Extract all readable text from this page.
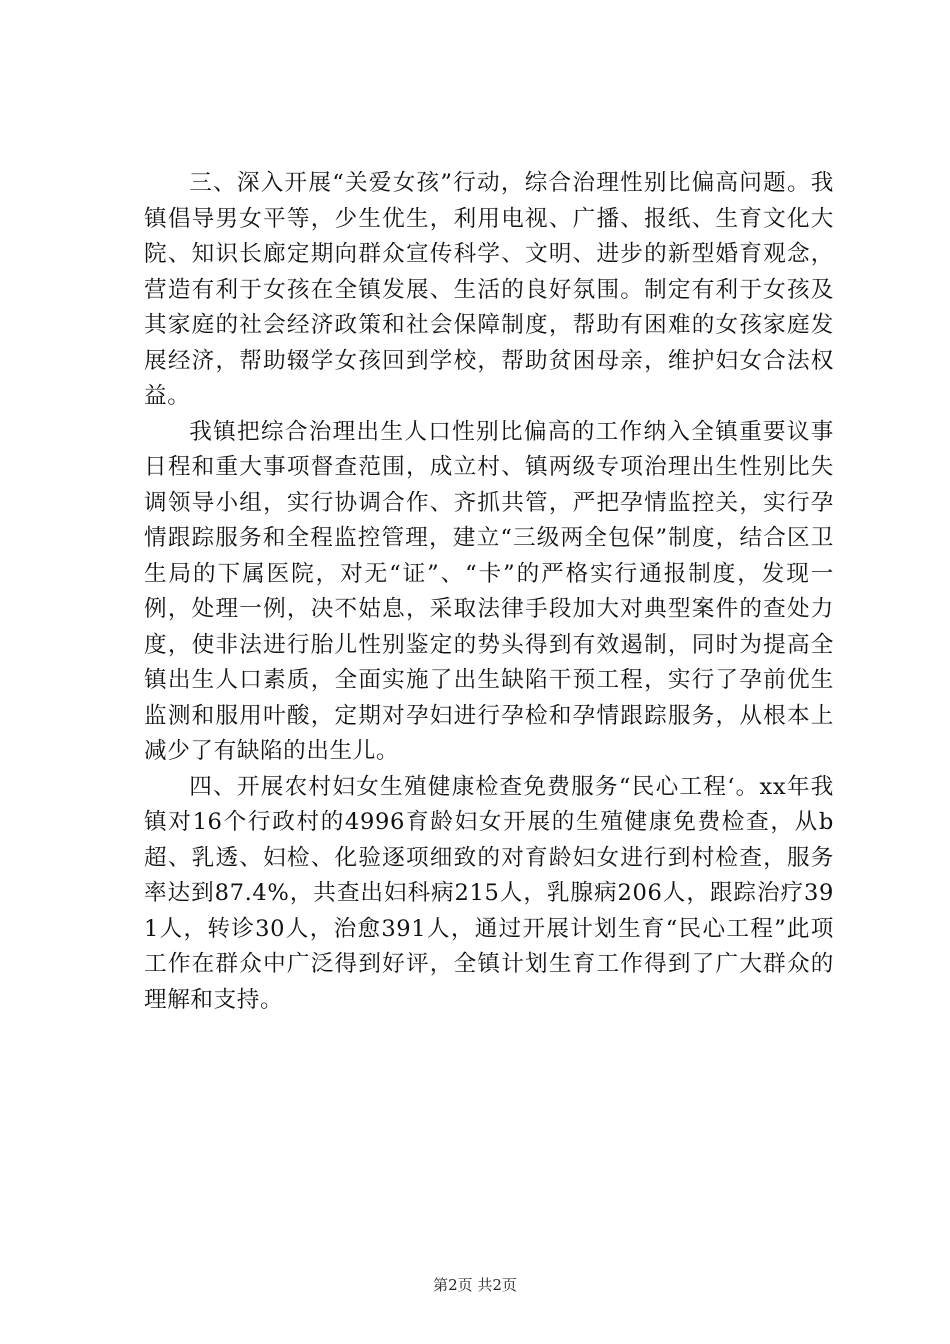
三、深入开展“关爱女孩”行动，综合治理性别比偏高问题。我镇倡导男女平等，少生优生，利用电视、广播、报纸、生育文化大院、知识长廊定期向群众宣传科学、文明、进步的新型婚育观念，营造有利于女孩在全镇发展、生活的良好氛围。制定有利于女孩及其家庭的社会经济政策和社会保障制度，帮助有困难的女孩家庭发展经济，帮助辍学女孩回到学校，帮助贫困母亲，维护妇女合法权益。

我镇把综合治理出生人口性别比偏高的工作纳入全镇重要议事日程和重大事项督查范围，成立村、镇两级专项治理出生性别比失调领导小组，实行协调合作、齐抓共管，严把孕情监控关，实行孕情跟踪服务和全程监控管理，建立“三级两全包保”制度，结合区卫生局的下属医院，对无“证”、“卡”的严格实行通报制度，发现一例，处理一例，决不姑息，采取法律手段加大对典型案件的查处力度，使非法进行胎儿性别鉴定的势头得到有效遏制，同时为提高全镇出生人口素质，全面实施了出生缺陷干预工程，实行了孕前优生监测和服用叶酸，定期对孕妇进行孕检和孕情跟踪服务，从根本上减少了有缺陷的出生儿。

四、开展农村妇女生殖健康检查免费服务“民心工程‘。xx年我镇对16个行政村的4996育龄妇女开展的生殖健康免费检查，从b超、乳透、妇检、化验逐项细致的对育龄妇女进行到村检查，服务率达到87.4%，共查出妇科病215人，乳腺病206人，跟踪治疗391人，转诊30人，治愈391人，通过开展计划生育“民心工程”此项工作在群众中广泛得到好评，全镇计划生育工作得到了广大群众的理解和支持。

第2页 共2页
